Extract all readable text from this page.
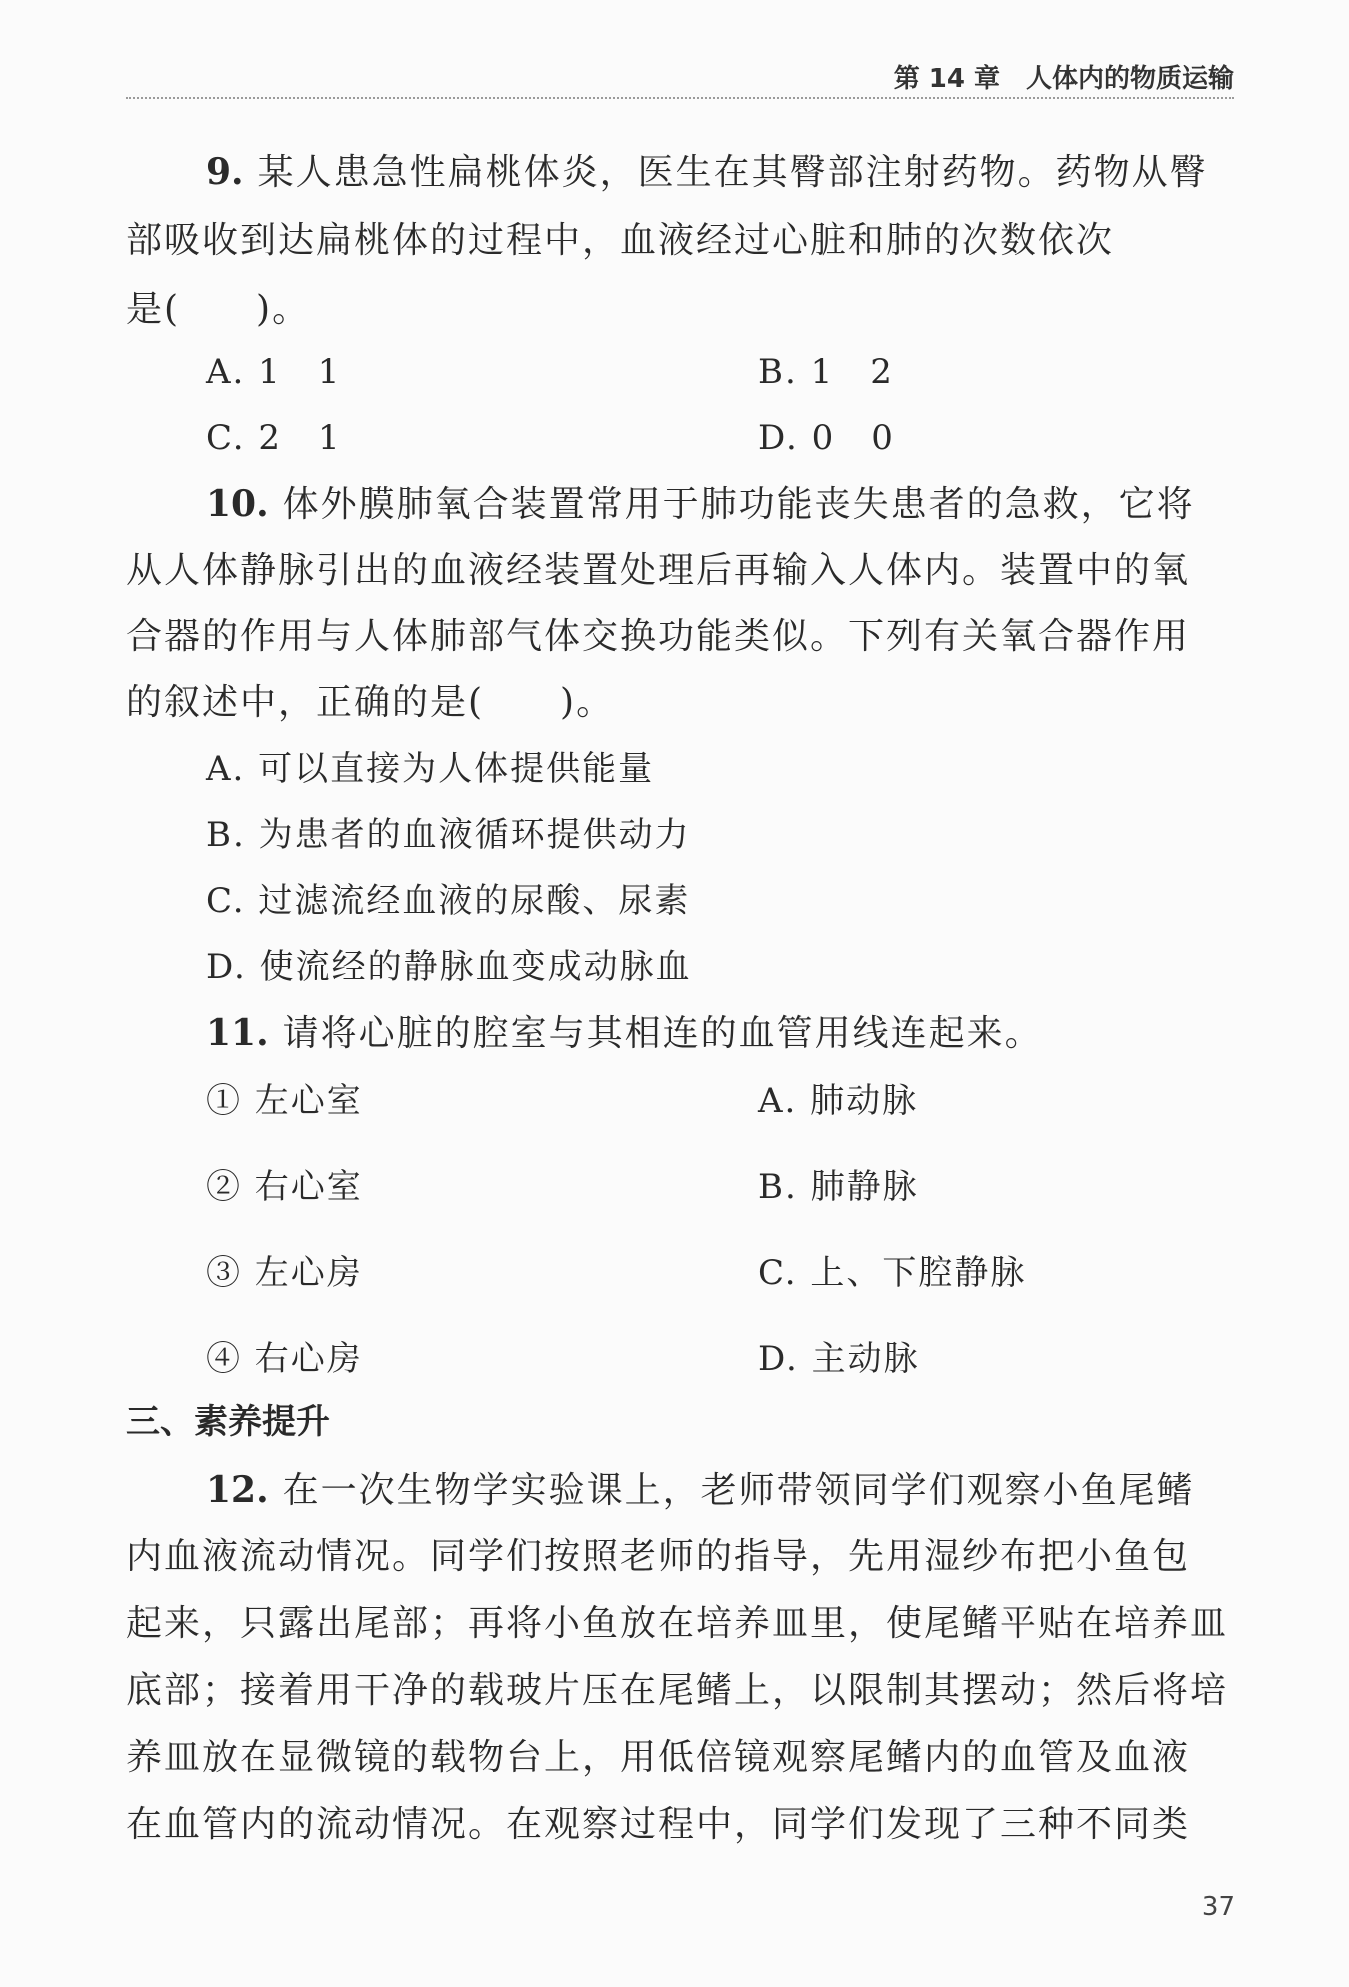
第 14 章 人体内的物质运输
9. 某人患急性扁桃体炎，医生在其臀部注射药物。药物从臀
部吸收到达扁桃体的过程中，血液经过心脏和肺的次数依次
是(　　)。
A. 1　1	B. 1　2
C. 2　1	D. 0　0
10. 体外膜肺氧合装置常用于肺功能丧失患者的急救，它将
从人体静脉引出的血液经装置处理后再输入人体内。装置中的氧
合器的作用与人体肺部气体交换功能类似。下列有关氧合器作用
的叙述中，正确的是(　　)。
A. 可以直接为人体提供能量
B. 为患者的血液循环提供动力
C. 过滤流经血液的尿酸、尿素
D. 使流经的静脉血变成动脉血
11. 请将心脏的腔室与其相连的血管用线连起来。
① 左心室	A. 肺动脉
② 右心室	B. 肺静脉
③ 左心房	C. 上、下腔静脉
④ 右心房	D. 主动脉
三、素养提升
12. 在一次生物学实验课上，老师带领同学们观察小鱼尾鳍
内血液流动情况。同学们按照老师的指导，先用湿纱布把小鱼包
起来，只露出尾部；再将小鱼放在培养皿里，使尾鳍平贴在培养皿
底部；接着用干净的载玻片压在尾鳍上，以限制其摆动；然后将培
养皿放在显微镜的载物台上，用低倍镜观察尾鳍内的血管及血液
在血管内的流动情况。在观察过程中，同学们发现了三种不同类
37
